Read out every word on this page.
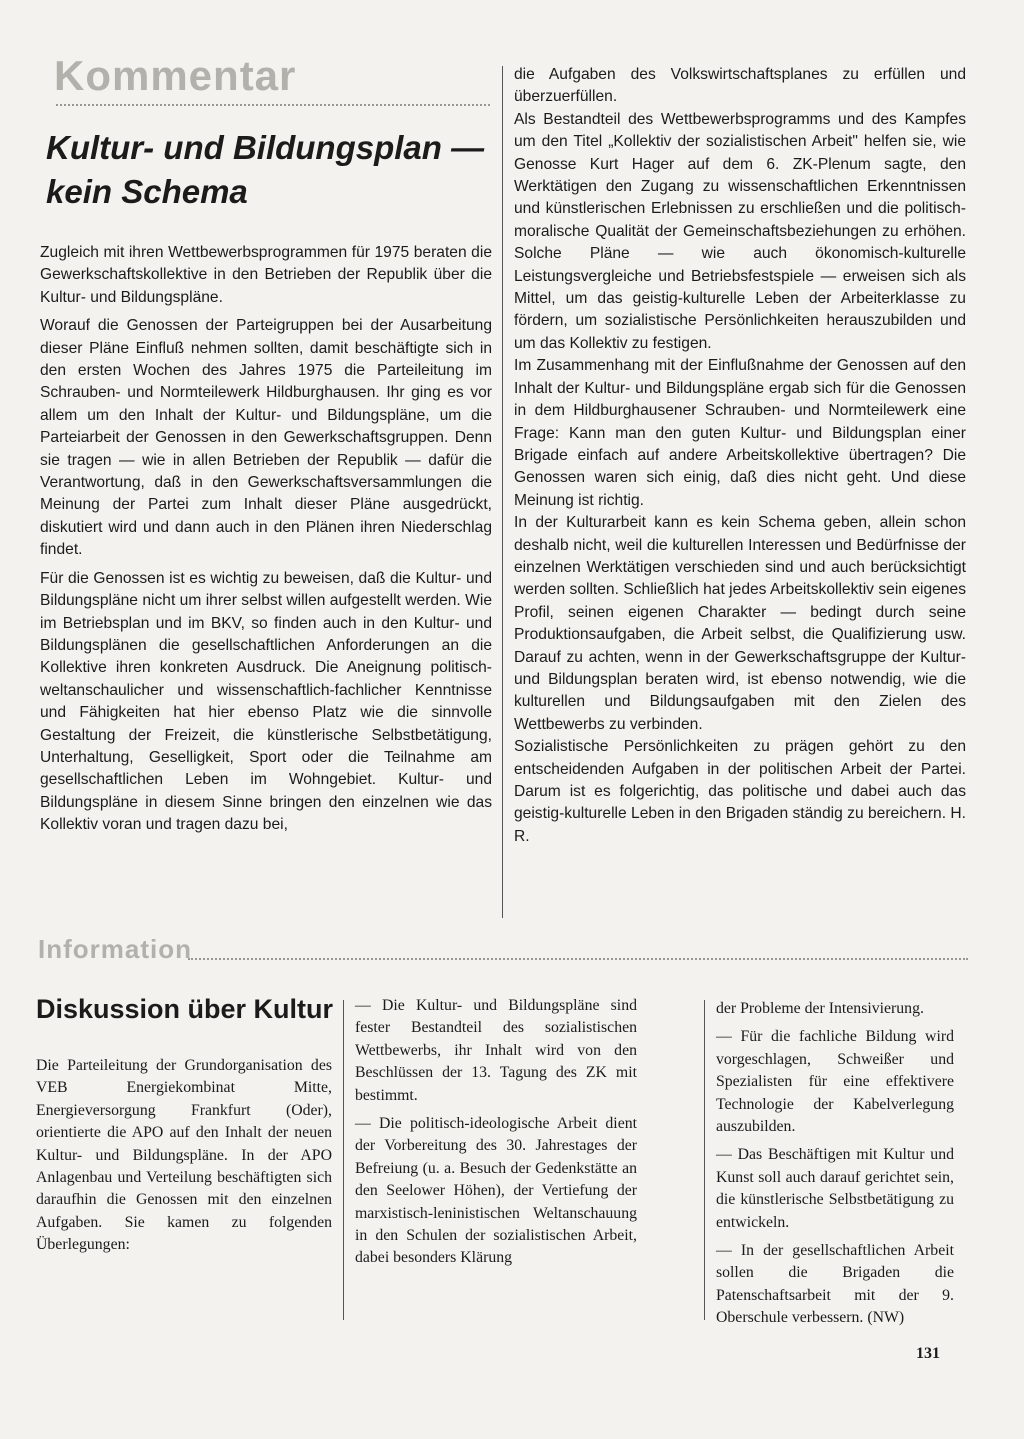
Kommentar
Kultur- und Bildungsplan —
kein Schema

Zugleich mit ihren Wettbewerbsprogrammen für 1975 beraten die Gewerkschaftskollektive in den Betrieben der Republik über die Kultur- und Bildungspläne.

Worauf die Genossen der Parteigruppen bei der Ausarbeitung dieser Pläne Einfluß nehmen sollten, damit beschäftigte sich in den ersten Wochen des Jahres 1975 die Parteileitung im Schrauben- und Normteilewerk Hildburghausen. Ihr ging es vor allem um den Inhalt der Kultur- und Bildungspläne, um die Parteiarbeit der Genossen in den Gewerkschaftsgruppen. Denn sie tragen — wie in allen Betrieben der Republik — dafür die Verantwortung, daß in den Gewerkschaftsversammlungen die Meinung der Partei zum Inhalt dieser Pläne ausgedrückt, diskutiert wird und dann auch in den Plänen ihren Niederschlag findet.

Für die Genossen ist es wichtig zu beweisen, daß die Kultur- und Bildungspläne nicht um ihrer selbst willen aufgestellt werden. Wie im Betriebsplan und im BKV, so finden auch in den Kultur- und Bildungsplänen die gesellschaftlichen Anforderungen an die Kollektive ihren konkreten Ausdruck. Die Aneignung politisch-weltanschaulicher und wissenschaftlich-fachlicher Kenntnisse und Fähigkeiten hat hier ebenso Platz wie die sinnvolle Gestaltung der Freizeit, die künstlerische Selbstbetätigung, Unterhaltung, Geselligkeit, Sport oder die Teilnahme am gesellschaftlichen Leben im Wohngebiet. Kultur- und Bildungspläne in diesem Sinne bringen den einzelnen wie das Kollektiv voran und tragen dazu bei,

die Aufgaben des Volkswirtschaftsplanes zu erfüllen und überzuerfüllen.

Als Bestandteil des Wettbewerbsprogramms und des Kampfes um den Titel „Kollektiv der sozialistischen Arbeit" helfen sie, wie Genosse Kurt Hager auf dem 6. ZK-Plenum sagte, den Werktätigen den Zugang zu wissenschaftlichen Erkenntnissen und künstlerischen Erlebnissen zu erschließen und die politisch-moralische Qualität der Gemeinschaftsbeziehungen zu erhöhen. Solche Pläne — wie auch ökonomisch-kulturelle Leistungsvergleiche und Betriebsfestspiele — erweisen sich als Mittel, um das geistig-kulturelle Leben der Arbeiterklasse zu fördern, um sozialistische Persönlichkeiten herauszubilden und um das Kollektiv zu festigen.

Im Zusammenhang mit der Einflußnahme der Genossen auf den Inhalt der Kultur- und Bildungspläne ergab sich für die Genossen in dem Hildburghausener Schrauben- und Normteilewerk eine Frage: Kann man den guten Kultur- und Bildungsplan einer Brigade einfach auf andere Arbeitskollektive übertragen? Die Genossen waren sich einig, daß dies nicht geht. Und diese Meinung ist richtig.

In der Kulturarbeit kann es kein Schema geben, allein schon deshalb nicht, weil die kulturellen Interessen und Bedürfnisse der einzelnen Werktätigen verschieden sind und auch berücksichtigt werden sollten. Schließlich hat jedes Arbeitskollektiv sein eigenes Profil, seinen eigenen Charakter — bedingt durch seine Produktionsaufgaben, die Arbeit selbst, die Qualifizierung usw. Darauf zu achten, wenn in der Gewerkschaftsgruppe der Kultur- und Bildungsplan beraten wird, ist ebenso notwendig, wie die kulturellen und Bildungsaufgaben mit den Zielen des Wettbewerbs zu verbinden.

Sozialistische Persönlichkeiten zu prägen gehört zu den entscheidenden Aufgaben in der politischen Arbeit der Partei. Darum ist es folgerichtig, das politische und dabei auch das geistig-kulturelle Leben in den Brigaden ständig zu bereichern. H. R.

Information
Diskussion über Kultur

Die Parteileitung der Grundorganisation des VEB Energiekombinat Mitte, Energieversorgung Frankfurt (Oder), orientierte die APO auf den Inhalt der neuen Kultur- und Bildungspläne. In der APO Anlagenbau und Verteilung beschäftigten sich daraufhin die Genossen mit den einzelnen Aufgaben. Sie kamen zu folgenden Überlegungen:

— Die Kultur- und Bildungspläne sind fester Bestandteil des sozialistischen Wettbewerbs, ihr Inhalt wird von den Beschlüssen der 13. Tagung des ZK mit bestimmt.

— Die politisch-ideologische Arbeit dient der Vorbereitung des 30. Jahrestages der Befreiung (u. a. Besuch der Gedenkstätte an den Seelower Höhen), der Vertiefung der marxistisch-leninistischen Weltanschauung in den Schulen der sozialistischen Arbeit, dabei besonders Klärung

der Probleme der Intensivierung.

— Für die fachliche Bildung wird vorgeschlagen, Schweißer und Spezialisten für eine effektivere Technologie der Kabelverlegung auszubilden.

— Das Beschäftigen mit Kultur und Kunst soll auch darauf gerichtet sein, die künstlerische Selbstbetätigung zu entwickeln.

— In der gesellschaftlichen Arbeit sollen die Brigaden die Patenschaftsarbeit mit der 9. Oberschule verbessern. (NW)

131
